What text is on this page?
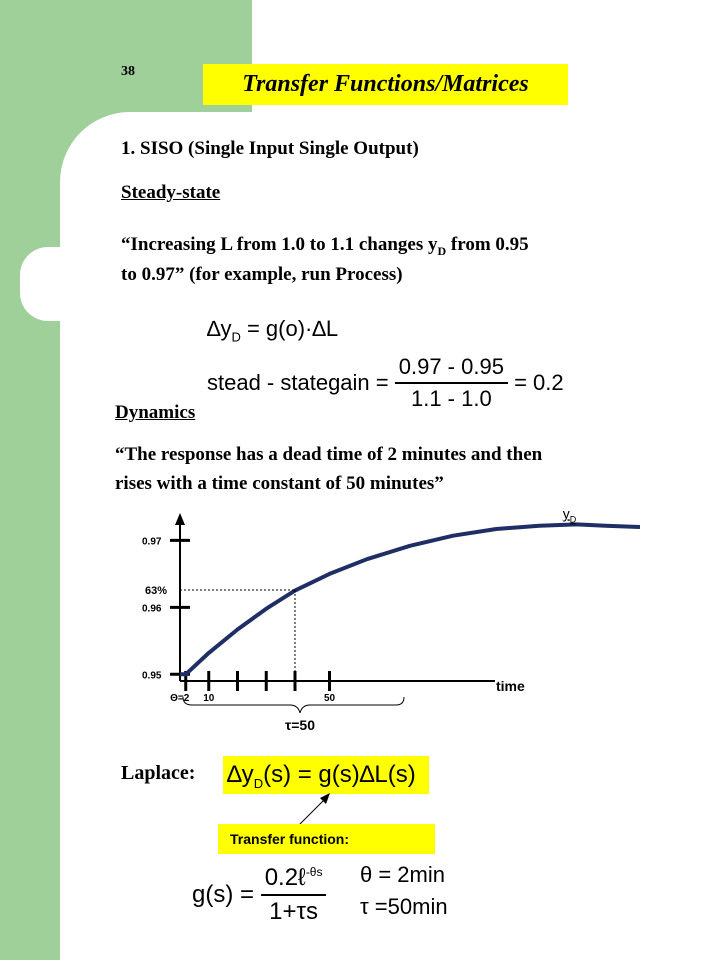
38	Transfer Functions/Matrices
1. SISO (Single Input Single Output)
Steady-state
“Increasing L from 1.0 to 1.1 changes $y_D$ from 0.95
to 0.97” (for example, run Process)
$\Delta y_D = g(o)\cdot\Delta L$
stead - stategain = $\frac{0.97 - 0.95}{1.1 - 1.0} = 0.2$
Dynamics
“The response has a dead time of 2 minutes and then
rises with a time constant of 50 minutes”
0.95
0.96
0.97
Θ=2 10	50
63%
$y_D$
time
τ=50
Laplace: $\Delta y_D(s) = g(s)\Delta L(s)$
Transfer function:
$g(s) = \frac{0.2\ell^{-\theta s}}{1+\tau s}$ θ = 2min
τ =50min
